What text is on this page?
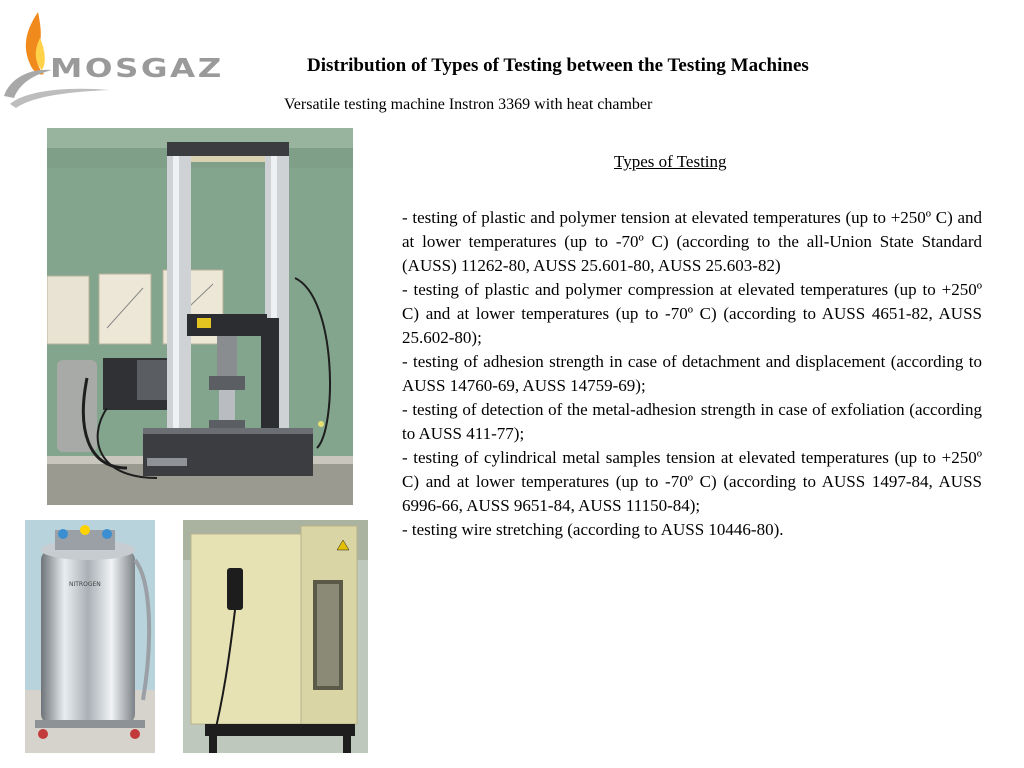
MOSGAZ	Distribution of Types of Testing between the Testing Machines
Versatile testing machine Instron 3369 with heat chamber
NITROGEN
Types of Testing
- testing of plastic and polymer tension at elevated temperatures (up to +250º C) and at lower temperatures (up to -70º C) (according to the all-Union State Standard (AUSS) 11262-80, AUSS 25.601-80, AUSS 25.603-82)
- testing of plastic and polymer compression at elevated temperatures (up to +250º C) and at lower temperatures (up to -70º C) (according to AUSS 4651-82, AUSS 25.602-80);
- testing of adhesion strength in case of detachment and displacement (according to AUSS 14760-69, AUSS 14759-69);
- testing of detection of the metal-adhesion strength in case of exfoliation (according to AUSS 411-77);
- testing of cylindrical metal samples tension at elevated temperatures (up to +250º C) and at lower temperatures (up to -70º C) (according to AUSS 1497-84, AUSS 6996-66, AUSS 9651-84, AUSS 11150-84);
- testing wire stretching (according to AUSS 10446-80).
